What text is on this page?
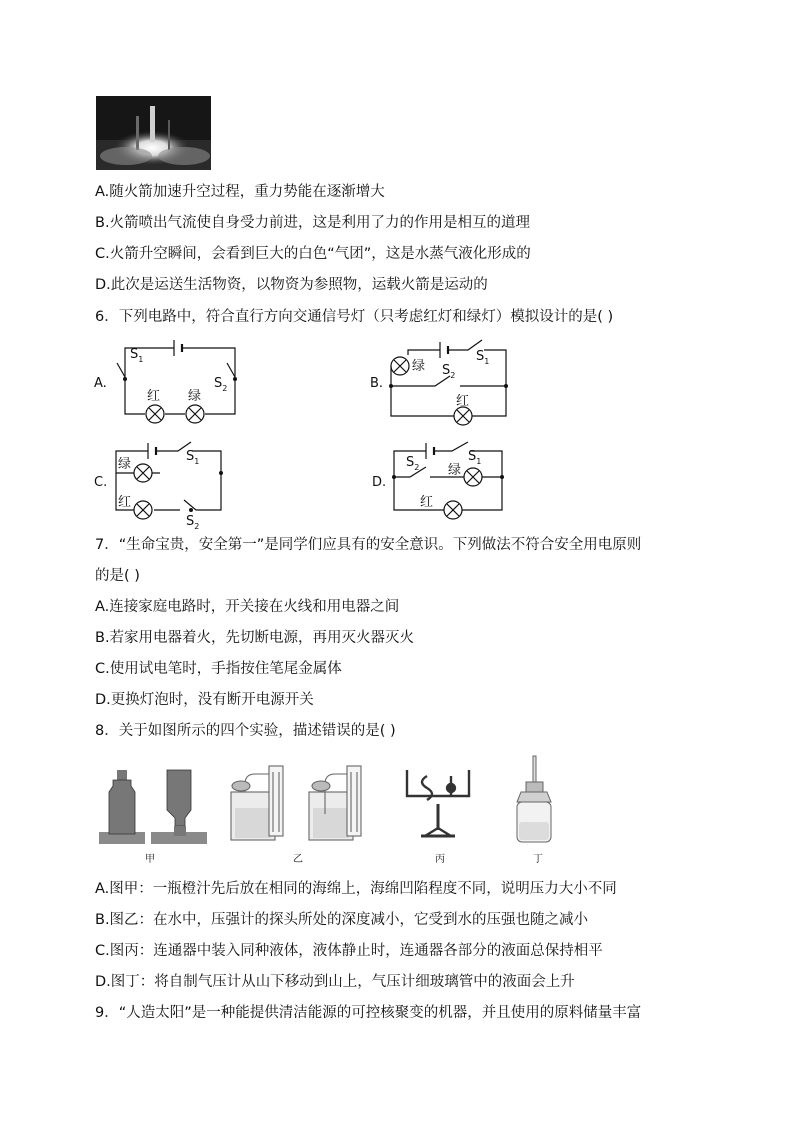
A.随火箭加速升空过程，重力势能在逐渐增大
B.火箭喷出气流使自身受力前进，这是利用了力的作用是相互的道理
C.火箭升空瞬间，会看到巨大的白色“气团”，这是水蒸气液化形成的
D.此次是运送生活物资，以物资为参照物，运载火箭是运动的
6．下列电路中，符合直行方向交通信号灯（只考虑红灯和绿灯）模拟设计的是( )
A.
$S_1$
$S_2$
红 绿
B.
绿
$S_1$
$S_2$
红
C.
绿
$S_1$
红
$S_2$
D.
$S_2$ 绿
$S_1$
红
7．“生命宝贵，安全第一”是同学们应具有的安全意识。下列做法不符合安全用电原则
的是( )
A.连接家庭电路时，开关接在火线和用电器之间
B.若家用电器着火，先切断电源，再用灭火器灭火
C.使用试电笔时，手指按住笔尾金属体
D.更换灯泡时，没有断开电源开关
8．关于如图所示的四个实验，描述错误的是( )
甲	乙	丙	丁
A.图甲：一瓶橙汁先后放在相同的海绵上，海绵凹陷程度不同，说明压力大小不同
B.图乙：在水中，压强计的探头所处的深度减小，它受到水的压强也随之减小
C.图丙：连通器中装入同种液体，液体静止时，连通器各部分的液面总保持相平
D.图丁：将自制气压计从山下移动到山上，气压计细玻璃管中的液面会上升
9．“人造太阳”是一种能提供清洁能源的可控核聚变的机器，并且使用的原料储量丰富
